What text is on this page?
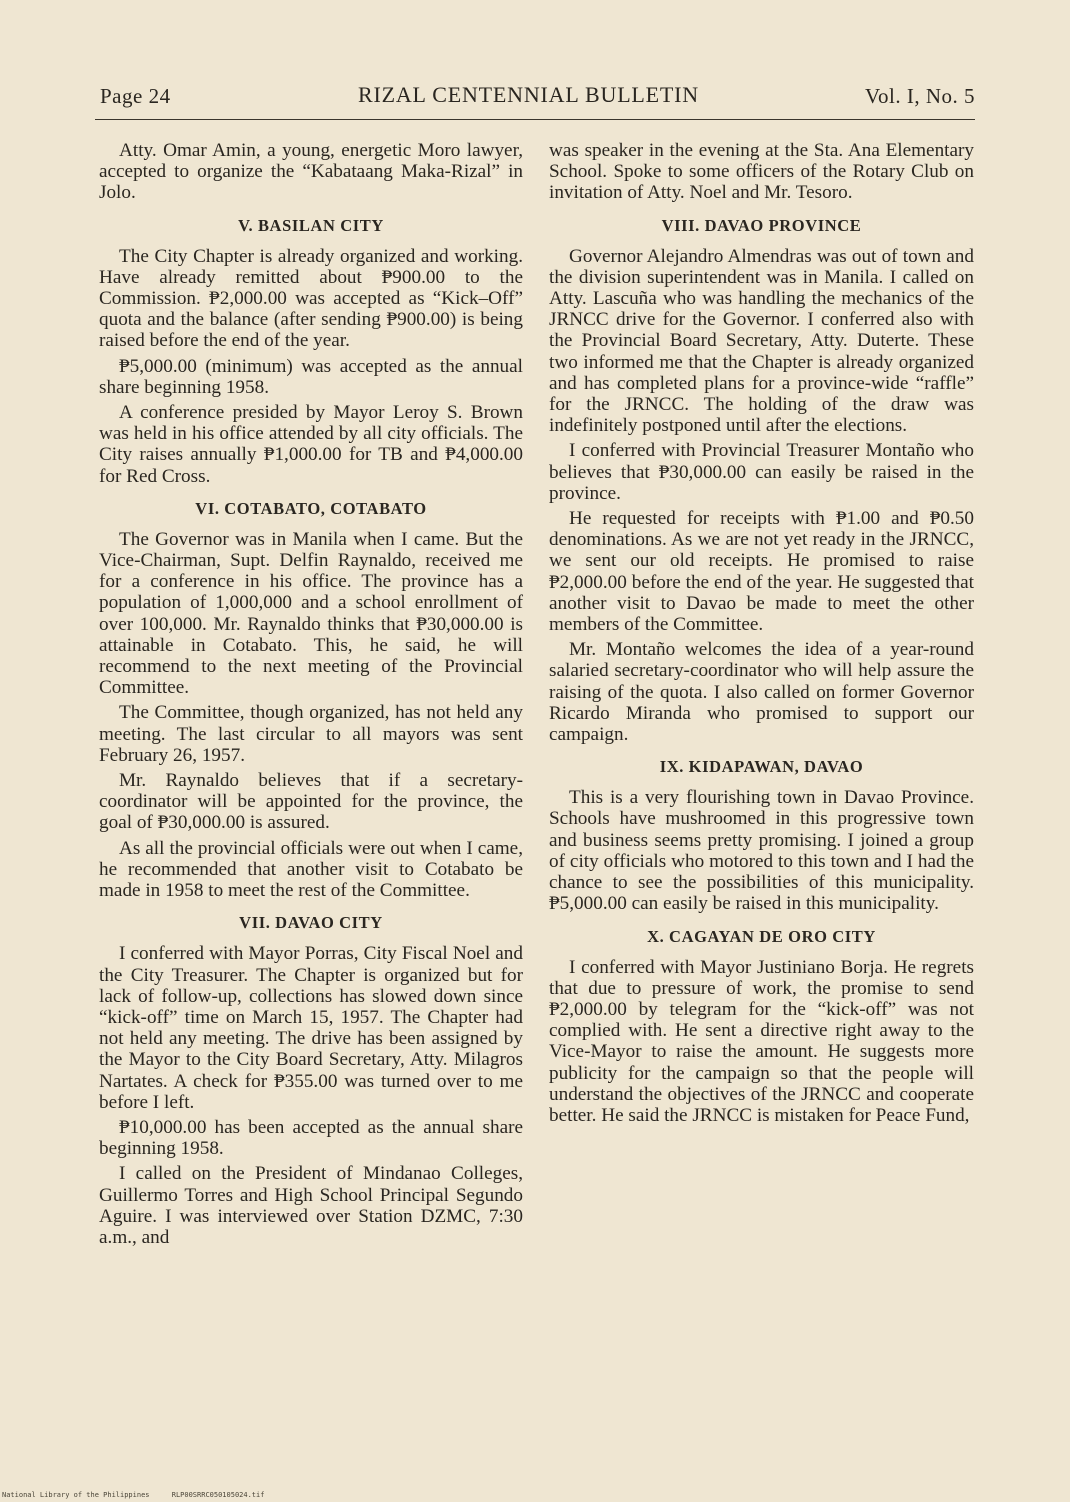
Page 24	RIZAL CENTENNIAL BULLETIN	Vol. I, No. 5

Atty. Omar Amin, a young, energetic Moro lawyer, accepted to organize the “Kabataang Maka-Rizal” in Jolo.

V. BASILAN CITY

The City Chapter is already organized and working. Have already remitted about ₱900.00 to the Commission. ₱2,000.00 was accepted as “Kick–Off” quota and the balance (after sending ₱900.00) is being raised before the end of the year.

₱5,000.00 (minimum) was accepted as the annual share beginning 1958.

A conference presided by Mayor Leroy S. Brown was held in his office attended by all city officials. The City raises annually ₱1,000.00 for TB and ₱4,000.00 for Red Cross.

VI. COTABATO, COTABATO

The Governor was in Manila when I came. But the Vice-Chairman, Supt. Delfin Raynaldo, received me for a conference in his office. The province has a population of 1,000,000 and a school enrollment of over 100,000. Mr. Raynaldo thinks that ₱30,000.00 is attainable in Cotabato. This, he said, he will recommend to the next meeting of the Provincial Committee.

The Committee, though organized, has not held any meeting. The last circular to all mayors was sent February 26, 1957.

Mr. Raynaldo believes that if a secretary-coordinator will be appointed for the province, the goal of ₱30,000.00 is assured.

As all the provincial officials were out when I came, he recommended that another visit to Cotabato be made in 1958 to meet the rest of the Committee.

VII. DAVAO CITY

I conferred with Mayor Porras, City Fiscal Noel and the City Treasurer. The Chapter is organized but for lack of follow-up, collections has slowed down since “kick-off” time on March 15, 1957. The Chapter had not held any meeting. The drive has been assigned by the Mayor to the City Board Secretary, Atty. Milagros Nartates. A check for ₱355.00 was turned over to me before I left.

₱10,000.00 has been accepted as the annual share beginning 1958.

I called on the President of Mindanao Colleges, Guillermo Torres and High School Principal Segundo Aguire. I was interviewed over Station DZMC, 7:30 a.m., and

was speaker in the evening at the Sta. Ana Elementary School. Spoke to some officers of the Rotary Club on invitation of Atty. Noel and Mr. Tesoro.

VIII. DAVAO PROVINCE

Governor Alejandro Almendras was out of town and the division superintendent was in Manila. I called on Atty. Lascuña who was handling the mechanics of the JRNCC drive for the Governor. I conferred also with the Provincial Board Secretary, Atty. Duterte. These two informed me that the Chapter is already organized and has completed plans for a province-wide “raffle” for the JRNCC. The holding of the draw was indefinitely postponed until after the elections.

I conferred with Provincial Treasurer Montaño who believes that ₱30,000.00 can easily be raised in the province.

He requested for receipts with ₱1.00 and ₱0.50 denominations. As we are not yet ready in the JRNCC, we sent our old receipts. He promised to raise ₱2,000.00 before the end of the year. He suggested that another visit to Davao be made to meet the other members of the Committee.

Mr. Montaño welcomes the idea of a year-round salaried secretary-coordinator who will help assure the raising of the quota. I also called on former Governor Ricardo Miranda who promised to support our campaign.

IX. KIDAPAWAN, DAVAO

This is a very flourishing town in Davao Province. Schools have mushroomed in this progressive town and business seems pretty promising. I joined a group of city officials who motored to this town and I had the chance to see the possibilities of this municipality. ₱5,000.00 can easily be raised in this municipality.

X. CAGAYAN DE ORO CITY

I conferred with Mayor Justiniano Borja. He regrets that due to pressure of work, the promise to send ₱2,000.00 by telegram for the “kick-off” was not complied with. He sent a directive right away to the Vice-Mayor to raise the amount. He suggests more publicity for the campaign so that the people will understand the objectives of the JRNCC and cooperate better. He said the JRNCC is mistaken for Peace Fund,

National Library of the Philippines	RLP00SRRC050105024.tif
